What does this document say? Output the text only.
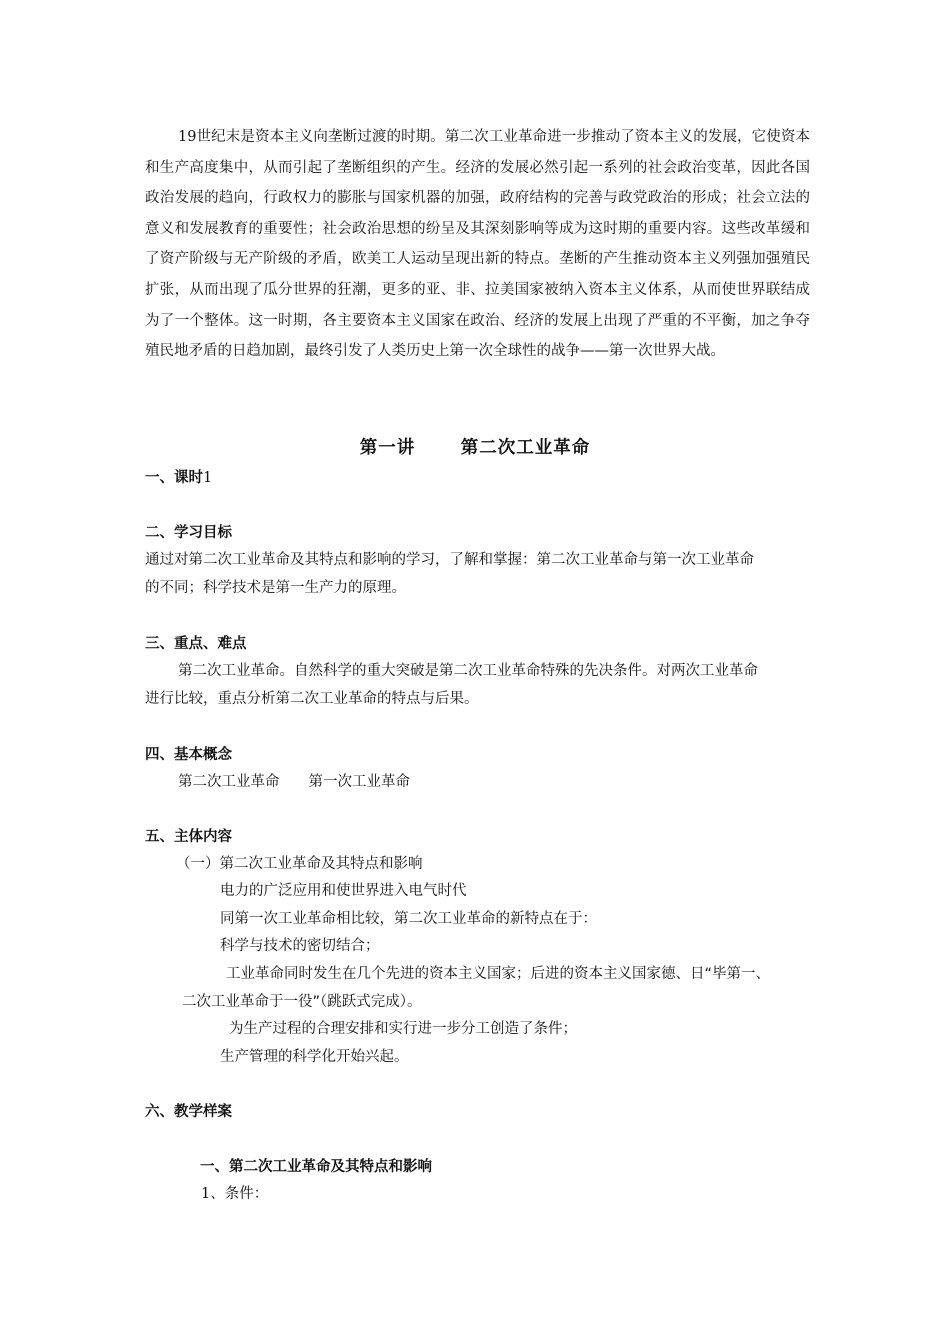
19世纪末是资本主义向垄断过渡的时期。第二次工业革命进一步推动了资本主义的发展，它使资本和生产高度集中，从而引起了垄断组织的产生。经济的发展必然引起一系列的社会政治变革，因此各国政治发展的趋向，行政权力的膨胀与国家机器的加强，政府结构的完善与政党政治的形成；社会立法的意义和发展教育的重要性；社会政治思想的纷呈及其深刻影响等成为这时期的重要内容。这些改革缓和了资产阶级与无产阶级的矛盾，欧美工人运动呈现出新的特点。垄断的产生推动资本主义列强加强殖民扩张，从而出现了瓜分世界的狂潮，更多的亚、非、拉美国家被纳入资本主义体系，从而使世界联结成为了一个整体。这一时期，各主要资本主义国家在政治、经济的发展上出现了严重的不平衡，加之争夺殖民地矛盾的日趋加剧，最终引发了人类历史上第一次全球性的战争——第一次世界大战。

第一讲　 第二次工业革命

一、课时1

二、学习目标

通过对第二次工业革命及其特点和影响的学习，了解和掌握：第二次工业革命与第一次工业革命

的不同；科学技术是第一生产力的原理。

三、重点、难点

第二次工业革命。自然科学的重大突破是第二次工业革命特殊的先决条件。对两次工业革命

进行比较，重点分析第二次工业革命的特点与后果。

四、基本概念

第二次工业革命　　第一次工业革命

五、主体内容

（一）第二次工业革命及其特点和影响

电力的广泛应用和使世界进入电气时代

同第一次工业革命相比较，第二次工业革命的新特点在于：

科学与技术的密切结合；

工业革命同时发生在几个先进的资本主义国家；后进的资本主义国家德、日“毕第一、

二次工业革命于一役”（跳跃式完成）。

为生产过程的合理安排和实行进一步分工创造了条件；

生产管理的科学化开始兴起。

六、教学样案

一、第二次工业革命及其特点和影响

1、条件：
